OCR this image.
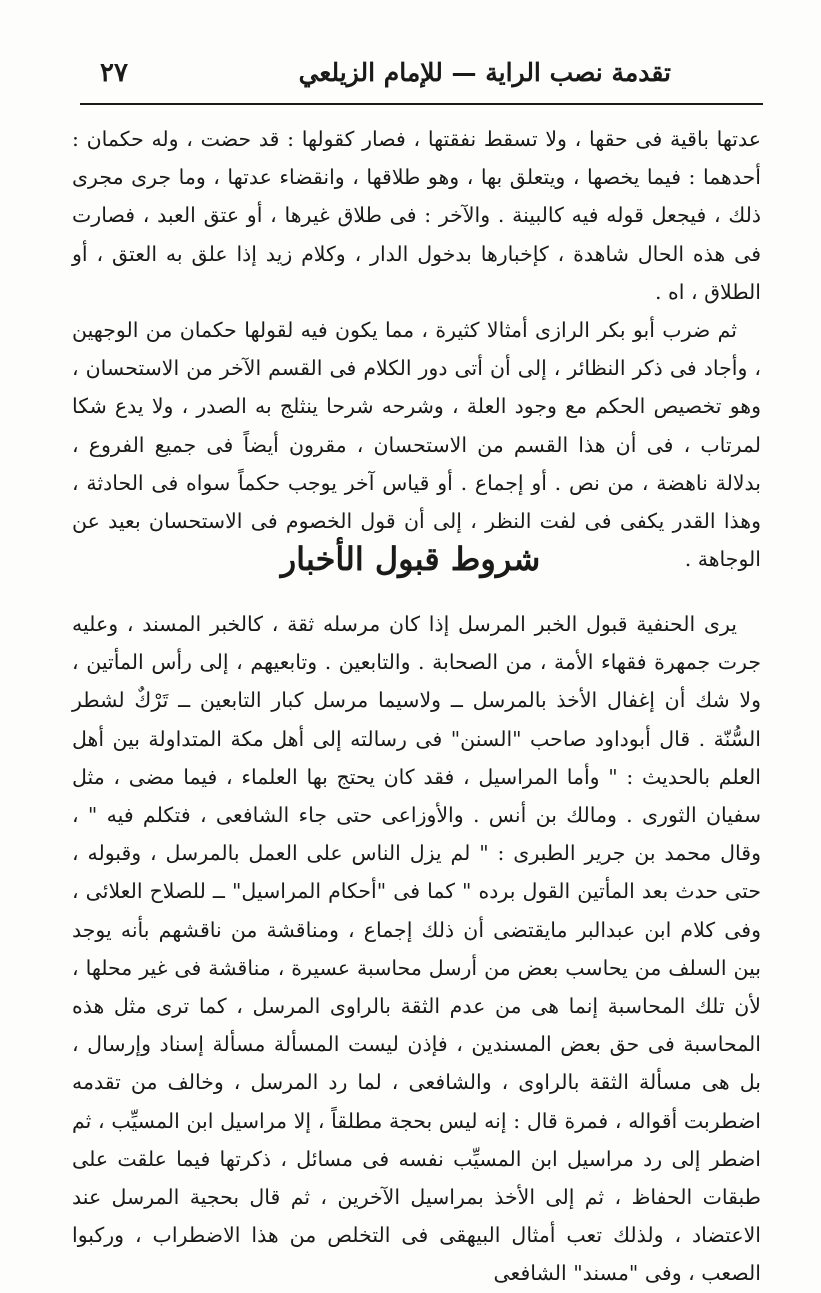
تقدمة نصب الراية — للإمام الزيلعي
٢٧

عدتها باقية فى حقها ، ولا تسقط نفقتها ، فصار كقولها : قد حضت ، وله حكمان : أحدهما : فيما يخصها ، ويتعلق بها ، وهو طلاقها ، وانقضاء عدتها ، وما جرى مجرى ذلك ، فيجعل قوله فيه كالبينة . والآخر : فى طلاق غيرها ، أو عتق العبد ، فصارت فى هذه الحال شاهدة ، كإخبارها بدخول الدار ، وكلام زيد إذا علق به العتق ، أو الطلاق ، اه .

ثم ضرب أبو بكر الرازى أمثالا كثيرة ، مما يكون فيه لقولها حكمان من الوجهين ، وأجاد فى ذكر النظائر ، إلى أن أتى دور الكلام فى القسم الآخر من الاستحسان ، وهو تخصيص الحكم مع وجود العلة ، وشرحه شرحا ينثلج به الصدر ، ولا يدع شكا لمرتاب ، فى أن هذا القسم من الاستحسان ، مقرون أيضاً فى جميع الفروع ، بدلالة ناهضة ، من نص . أو إجماع . أو قياس آخر يوجب حكماً سواه فى الحادثة ، وهذا القدر يكفى فى لفت النظر ، إلى أن قول الخصوم فى الاستحسان بعيد عن الوجاهة .

شروط قبول الأخبار

يرى الحنفية قبول الخبر المرسل إذا كان مرسله ثقة ، كالخبر المسند ، وعليه جرت جمهرة فقهاء الأمة ، من الصحابة . والتابعين . وتابعيهم ، إلى رأس المأتين ، ولا شك أن إغفال الأخذ بالمرسل ــ ولاسيما مرسل كبار التابعين ــ تَرْكٌ لشطر السُّنّة . قال أبوداود صاحب "السنن" فى رسالته إلى أهل مكة المتداولة بين أهل العلم بالحديث : " وأما المراسيل ، فقد كان يحتج بها العلماء ، فيما مضى ، مثل سفيان الثورى . ومالك بن أنس . والأوزاعى حتى جاء الشافعى ، فتكلم فيه " ، وقال محمد بن جرير الطبرى : " لم يزل الناس على العمل بالمرسل ، وقبوله ، حتى حدث بعد المأتين القول برده " كما فى "أحكام المراسيل" ــ للصلاح العلائى ، وفى كلام ابن عبدالبر مايقتضى أن ذلك إجماع ، ومناقشة من ناقشهم بأنه يوجد بين السلف من يحاسب بعض من أرسل محاسبة عسيرة ، مناقشة فى غير محلها ، لأن تلك المحاسبة إنما هى من عدم الثقة بالراوى المرسل ، كما ترى مثل هذه المحاسبة فى حق بعض المسندين ، فإذن ليست المسألة مسألة إسناد وإرسال ، بل هى مسألة الثقة بالراوى ، والشافعى ، لما رد المرسل ، وخالف من تقدمه اضطربت أقواله ، فمرة قال : إنه ليس بحجة مطلقاً ، إلا مراسيل ابن المسيِّب ، ثم اضطر إلى رد مراسيل ابن المسيِّب نفسه فى مسائل ، ذكرتها فيما علقت على طبقات الحفاظ ، ثم إلى الأخذ بمراسيل الآخرين ، ثم قال بحجية المرسل عند الاعتضاد ، ولذلك تعب أمثال البيهقى فى التخلص من هذا الاضطراب ، وركبوا الصعب ، وفى "مسند" الشافعى
